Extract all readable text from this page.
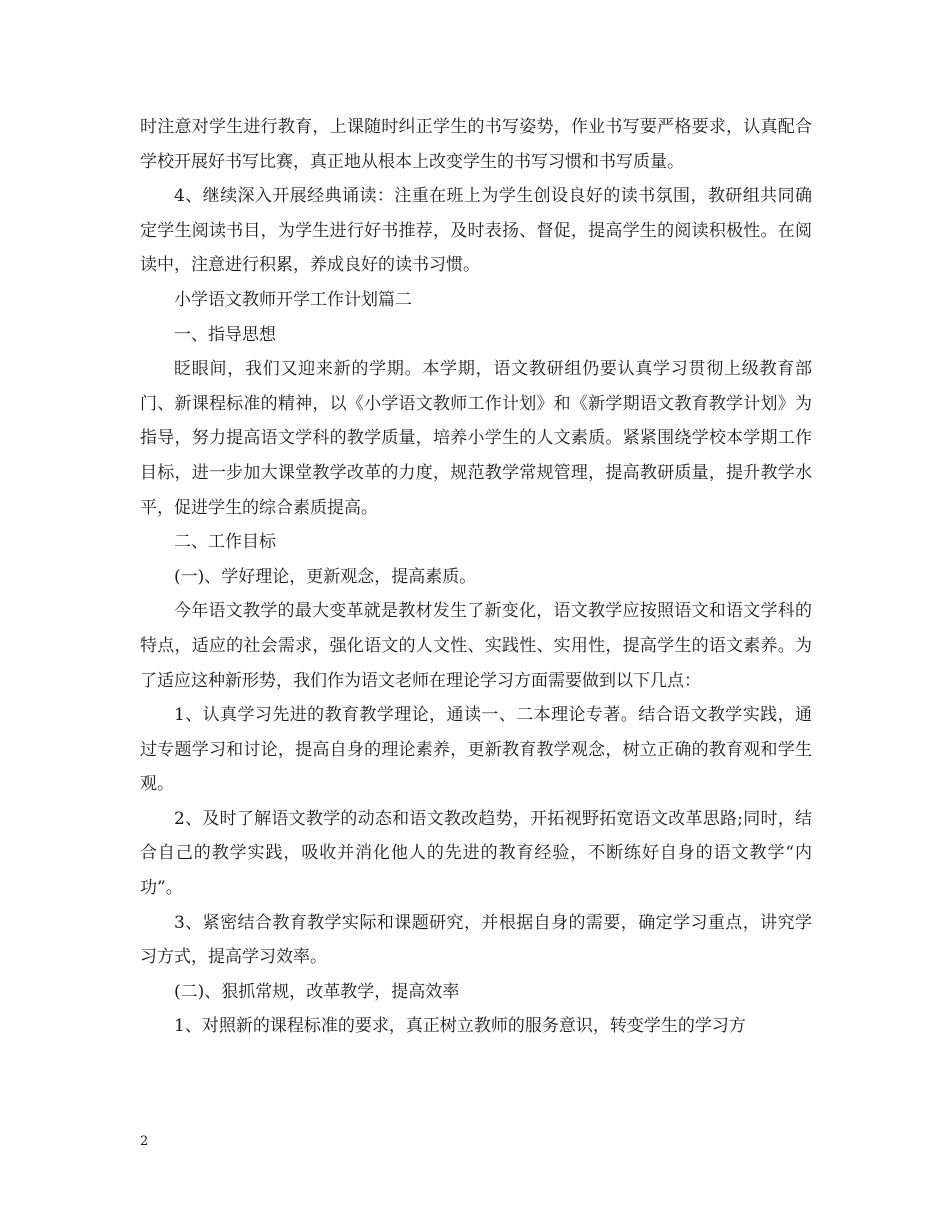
时注意对学生进行教育，上课随时纠正学生的书写姿势，作业书写要严格要求，认真配合学校开展好书写比赛，真正地从根本上改变学生的书写习惯和书写质量。

4、继续深入开展经典诵读：注重在班上为学生创设良好的读书氛围，教研组共同确定学生阅读书目，为学生进行好书推荐，及时表扬、督促，提高学生的阅读积极性。在阅读中，注意进行积累，养成良好的读书习惯。

小学语文教师开学工作计划篇二

一、指导思想

眨眼间，我们又迎来新的学期。本学期，语文教研组仍要认真学习贯彻上级教育部门、新课程标准的精神，以《小学语文教师工作计划》和《新学期语文教育教学计划》为指导，努力提高语文学科的教学质量，培养小学生的人文素质。紧紧围绕学校本学期工作目标，进一步加大课堂教学改革的力度，规范教学常规管理，提高教研质量，提升教学水平，促进学生的综合素质提高。

二、工作目标

(一)、学好理论，更新观念，提高素质。

今年语文教学的最大变革就是教材发生了新变化，语文教学应按照语文和语文学科的特点，适应的社会需求，强化语文的人文性、实践性、实用性，提高学生的语文素养。为了适应这种新形势，我们作为语文老师在理论学习方面需要做到以下几点：

1、认真学习先进的教育教学理论，通读一、二本理论专著。结合语文教学实践，通过专题学习和讨论，提高自身的理论素养，更新教育教学观念，树立正确的教育观和学生观。

2、及时了解语文教学的动态和语文教改趋势，开拓视野拓宽语文改革思路;同时，结合自己的教学实践，吸收并消化他人的先进的教育经验，不断练好自身的语文教学“内功”。

3、紧密结合教育教学实际和课题研究，并根据自身的需要，确定学习重点，讲究学习方式，提高学习效率。

(二)、狠抓常规，改革教学，提高效率

1、对照新的课程标准的要求，真正树立教师的服务意识，转变学生的学习方

2
